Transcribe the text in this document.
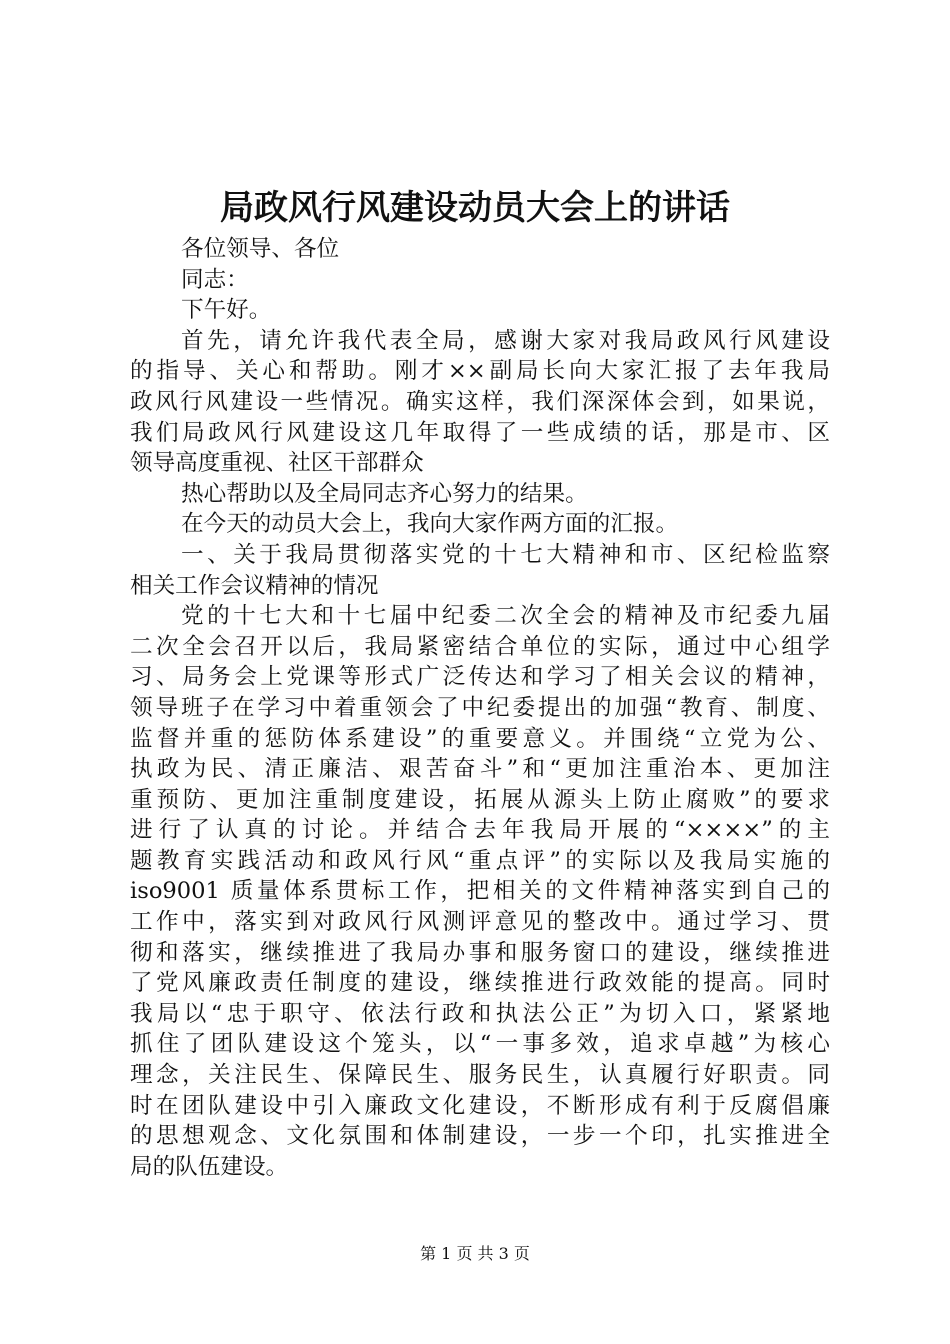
局政风行风建设动员大会上的讲话
各位领导、各位
同志：
下午好。
首先，请允许我代表全局，感谢大家对我局政风行风建设
的指导、关心和帮助。刚才××副局长向大家汇报了去年我局
政风行风建设一些情况。确实这样，我们深深体会到，如果说，
我们局政风行风建设这几年取得了一些成绩的话，那是市、区
领导高度重视、社区干部群众
热心帮助以及全局同志齐心努力的结果。
在今天的动员大会上，我向大家作两方面的汇报。
一、关于我局贯彻落实党的十七大精神和市、区纪检监察
相关工作会议精神的情况
党的十七大和十七届中纪委二次全会的精神及市纪委九届
二次全会召开以后，我局紧密结合单位的实际，通过中心组学
习、局务会上党课等形式广泛传达和学习了相关会议的精神，
领导班子在学习中着重领会了中纪委提出的加强“教育、制度、
监督并重的惩防体系建设”的重要意义。并围绕“立党为公、
执政为民、清正廉洁、艰苦奋斗”和“更加注重治本、更加注
重预防、更加注重制度建设，拓展从源头上防止腐败”的要求
进行了认真的讨论。并结合去年我局开展的“××××”的主
题教育实践活动和政风行风“重点评”的实际以及我局实施的
iso9001 质量体系贯标工作，把相关的文件精神落实到自己的
工作中，落实到对政风行风测评意见的整改中。通过学习、贯
彻和落实，继续推进了我局办事和服务窗口的建设，继续推进
了党风廉政责任制度的建设，继续推进行政效能的提高。同时
我局以“忠于职守、依法行政和执法公正”为切入口，紧紧地
抓住了团队建设这个笼头，以“一事多效，追求卓越”为核心
理念，关注民生、保障民生、服务民生，认真履行好职责。同
时在团队建设中引入廉政文化建设，不断形成有利于反腐倡廉
的思想观念、文化氛围和体制建设，一步一个印，扎实推进全
局的队伍建设。
第 1 页 共 3 页
